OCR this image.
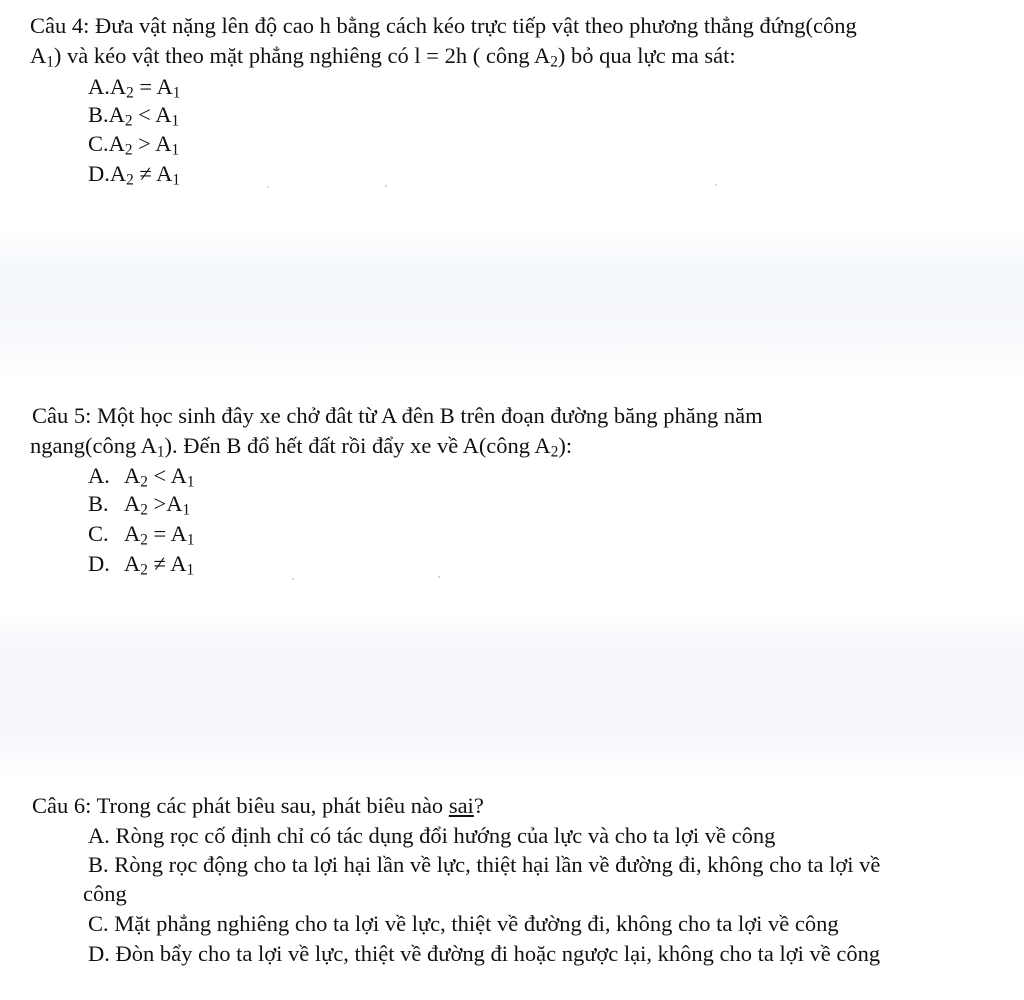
Câu 4: Đưa vật nặng lên độ cao h bằng cách kéo trực tiếp vật theo phương thẳng đứng(công
$A_1$) và kéo vật theo mặt phẳng nghiêng có l = 2h ( công $A_2$) bỏ qua lực ma sát:
$A.A_2 = A_1$
$B.A_2 < A_1$
$C.A_2 > A_1$
$D.A_2 \ne A_1$
Câu 5: Một học sinh đây xe chở đât từ A đên B trên đoạn đường băng phăng năm
ngang(công $A_1$). Đến B đổ hết đất rồi đẩy xe về A(công $A_2$):
A. $A_2 < A_1$
B. $A_2 >A_1$
C. $A_2 = A_1$
D. $A_2 \ne A_1$
Câu 6: Trong các phát biêu sau, phát biêu nào sai?
A. Ròng rọc cố định chỉ có tác dụng đổi hướng của lực và cho ta lợi về công
B. Ròng rọc động cho ta lợi hại lần về lực, thiệt hại lần về đường đi, không cho ta lợi về
công
C. Mặt phẳng nghiêng cho ta lợi về lực, thiệt về đường đi, không cho ta lợi về công
D. Đòn bẩy cho ta lợi về lực, thiệt về đường đi hoặc ngược lại, không cho ta lợi về công
